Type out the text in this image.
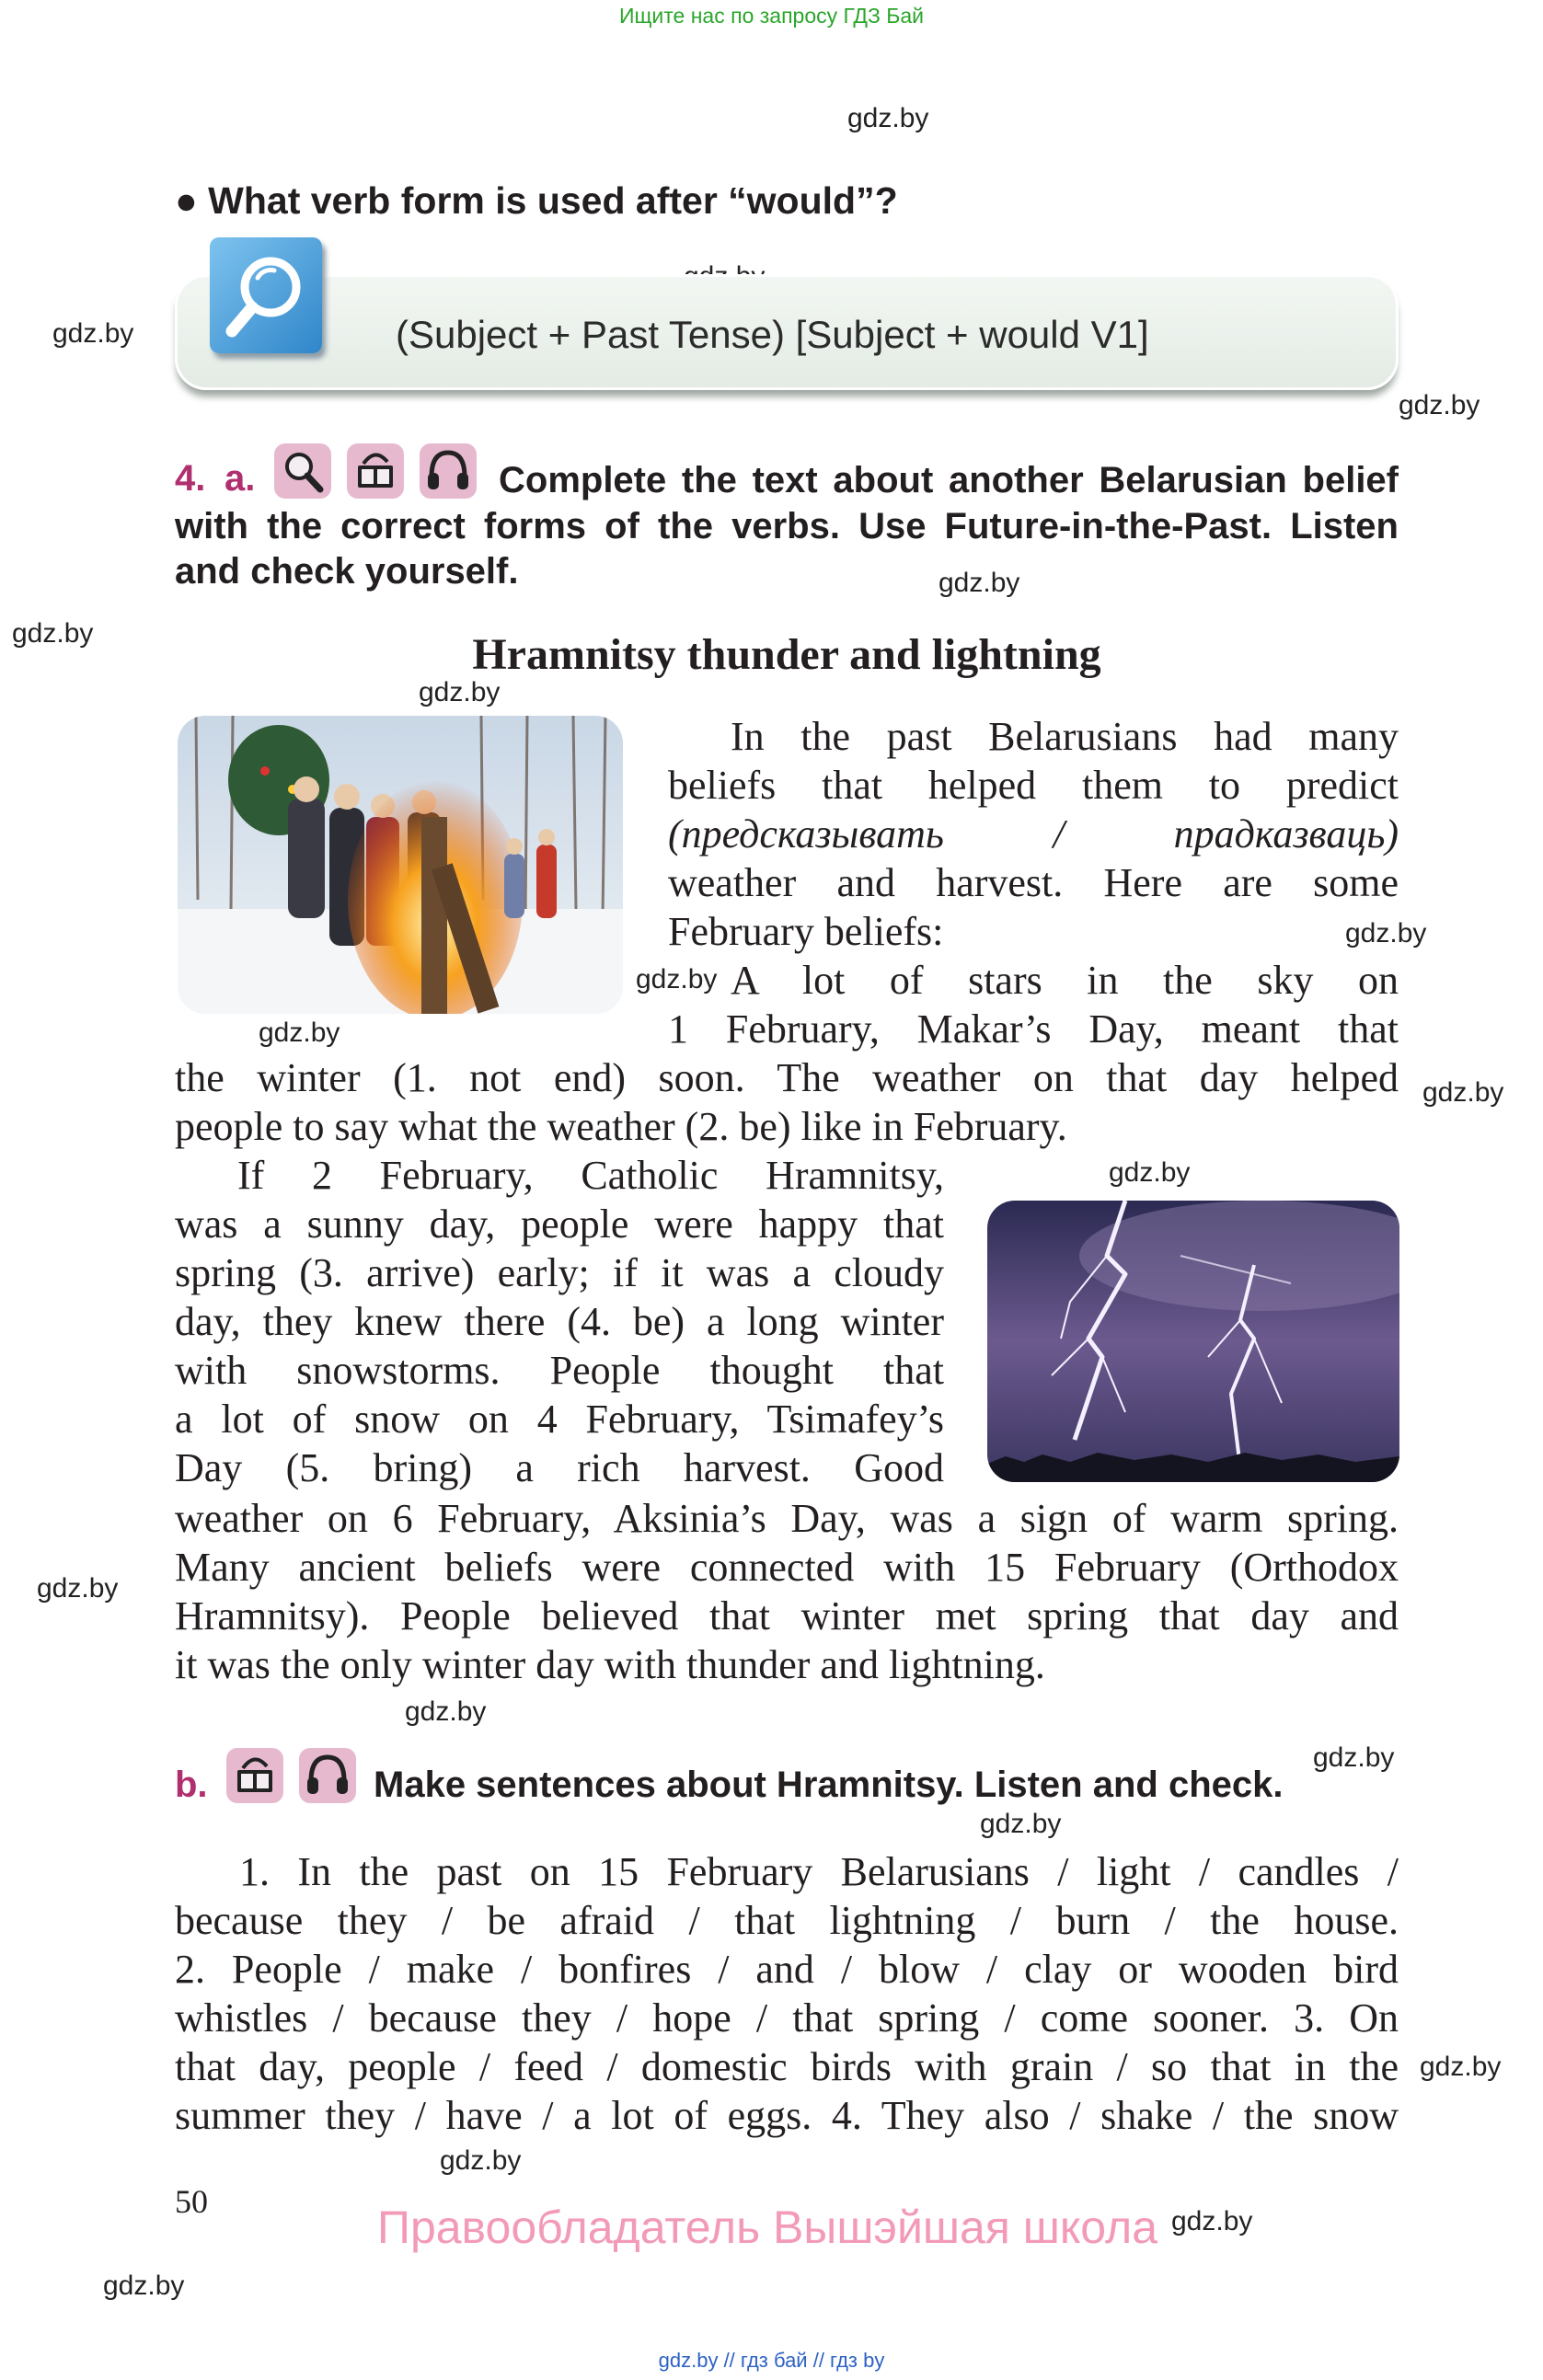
Ищите нас по запросу ГДЗ Бай
gdz.by
gdz.by
gdz.by
gdz.by
gdz.by
gdz.by
gdz.by
gdz.by
gdz.by
gdz.by
gdz.by
gdz.by
gdz.by
gdz.by
gdz.by
gdz.by
gdz.by
gdz.by
gdz.by
● What verb form is used after “would”?
(Subject + Past Tense) [Subject + would V1]
4. a.	Complete the text about another Belarusian belief
with the correct forms of the verbs. Use Future-in-the-Past. Listen
and check yourself.
Hramnitsy thunder and lightning
In the past Belarusians had many
beliefs that helped them to predict
(предсказывать / прадказваць)
weather and harvest. Here are some
February beliefs:
A lot of stars in the sky on
1 February, Makar’s Day, meant that
the winter (1. not end) soon. The weather on that day helped
people to say what the weather (2. be) like in February.
If 2 February, Catholic Hramnitsy,
was a sunny day, people were happy that
spring (3. arrive) early; if it was a cloudy
day, they knew there (4. be) a long winter
with snowstorms. People thought that
a lot of snow on 4 February, Tsimafey’s
Day (5. bring) a rich harvest. Good
weather on 6 February, Aksinia’s Day, was a sign of warm spring.
Many ancient beliefs were connected with 15 February (Orthodox
Hramnitsy). People believed that winter met spring that day and
it was the only winter day with thunder and lightning.
b.	Make sentences about Hramnitsy. Listen and check.
1. In the past on 15 February Belarusians / light / candles /
because they / be afraid / that lightning / burn / the house.
2. People / make / bonfires / and / blow / clay or wooden bird
whistles / because they / hope / that spring / come sooner. 3. On
that day, people / feed / domestic birds with grain / so that in the
summer they / have / a lot of eggs. 4. They also / shake / the snow
50	Правообладатель Вышэйшая школа
gdz.by // гдз бай // гдз by
